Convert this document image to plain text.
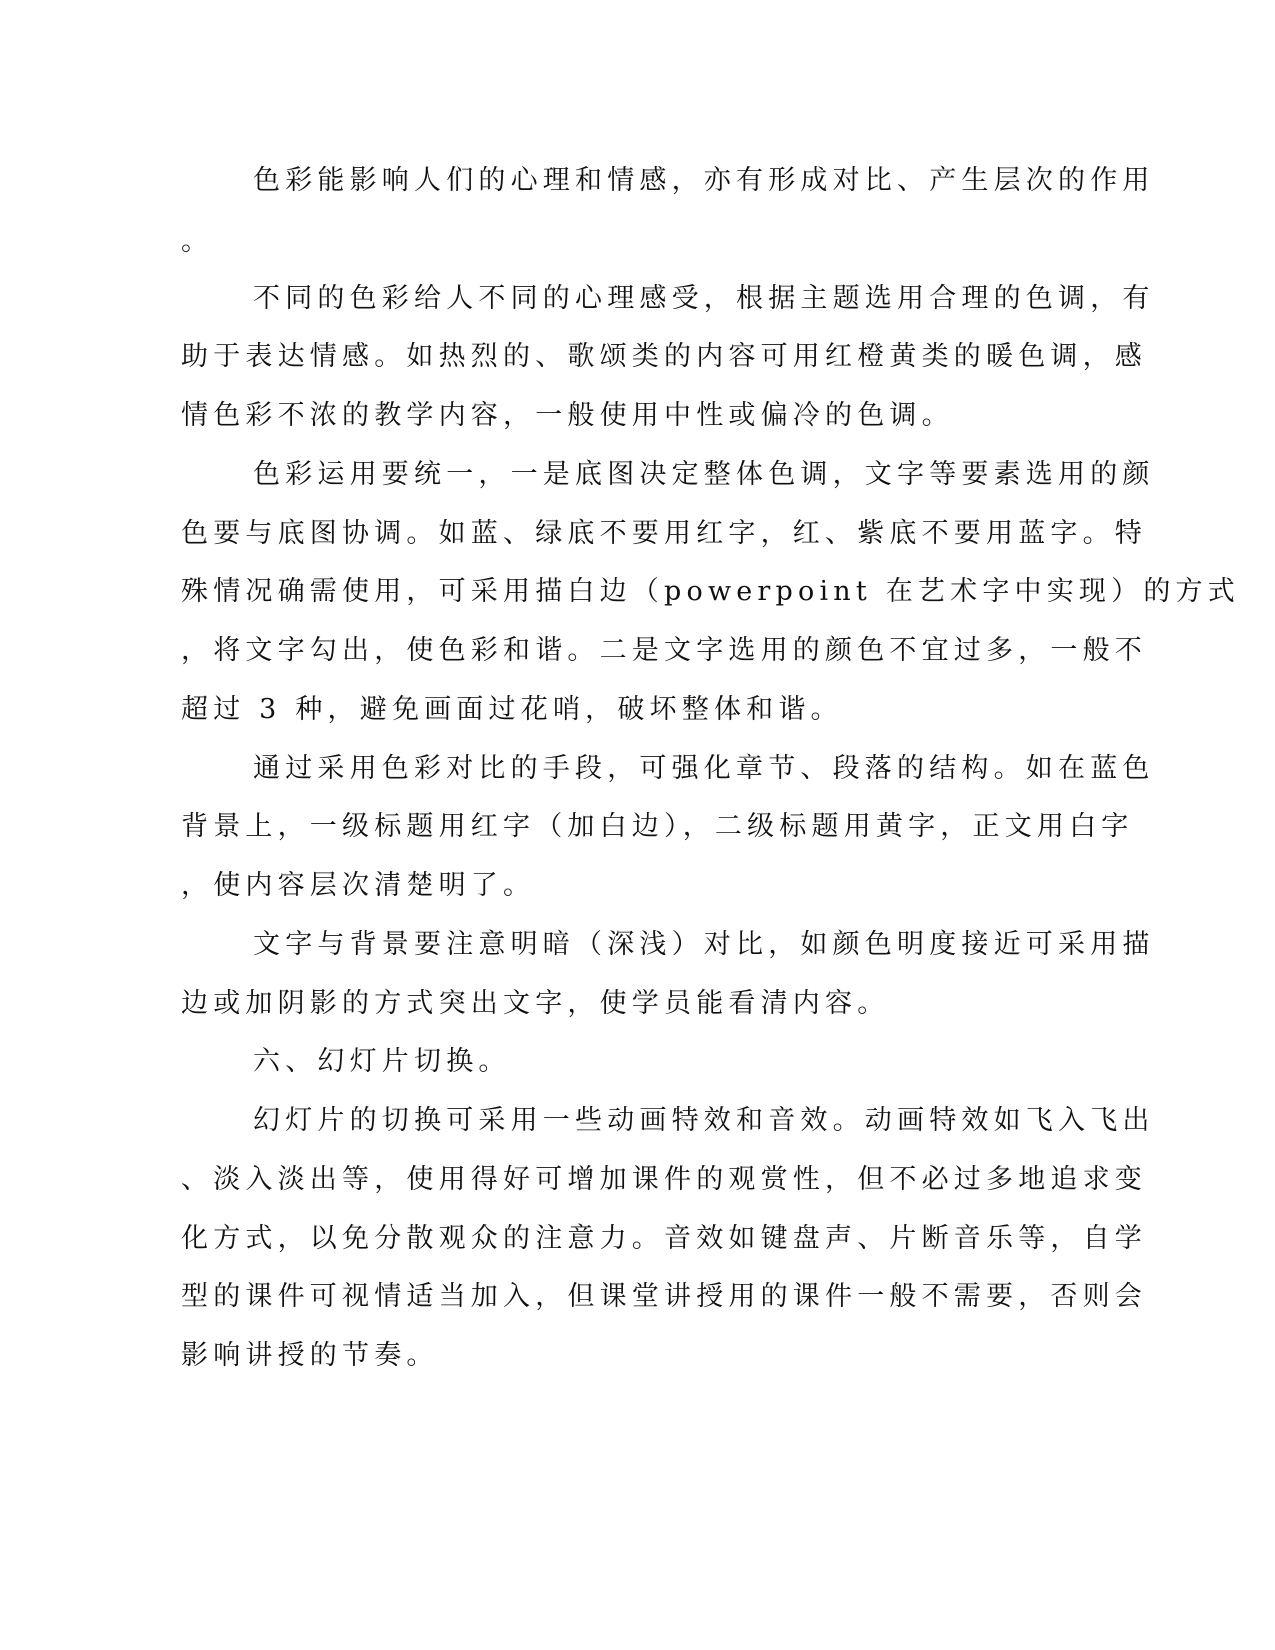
色彩能影响人们的心理和情感，亦有形成对比、产生层次的作用
。
不同的色彩给人不同的心理感受，根据主题选用合理的色调，有
助于表达情感。如热烈的、歌颂类的内容可用红橙黄类的暖色调，感
情色彩不浓的教学内容，一般使用中性或偏冷的色调。
色彩运用要统一，一是底图决定整体色调，文字等要素选用的颜
色要与底图协调。如蓝、绿底不要用红字，红、紫底不要用蓝字。特
殊情况确需使用，可采用描白边（powerpoint 在艺术字中实现）的方式
，将文字勾出，使色彩和谐。二是文字选用的颜色不宜过多，一般不
超过 3 种，避免画面过花哨，破坏整体和谐。
通过采用色彩对比的手段，可强化章节、段落的结构。如在蓝色
背景上，一级标题用红字（加白边），二级标题用黄字，正文用白字
，使内容层次清楚明了。
文字与背景要注意明暗（深浅）对比，如颜色明度接近可采用描
边或加阴影的方式突出文字，使学员能看清内容。
六、幻灯片切换。
幻灯片的切换可采用一些动画特效和音效。动画特效如飞入飞出
、淡入淡出等，使用得好可增加课件的观赏性，但不必过多地追求变
化方式，以免分散观众的注意力。音效如键盘声、片断音乐等，自学
型的课件可视情适当加入，但课堂讲授用的课件一般不需要，否则会
影响讲授的节奏。
